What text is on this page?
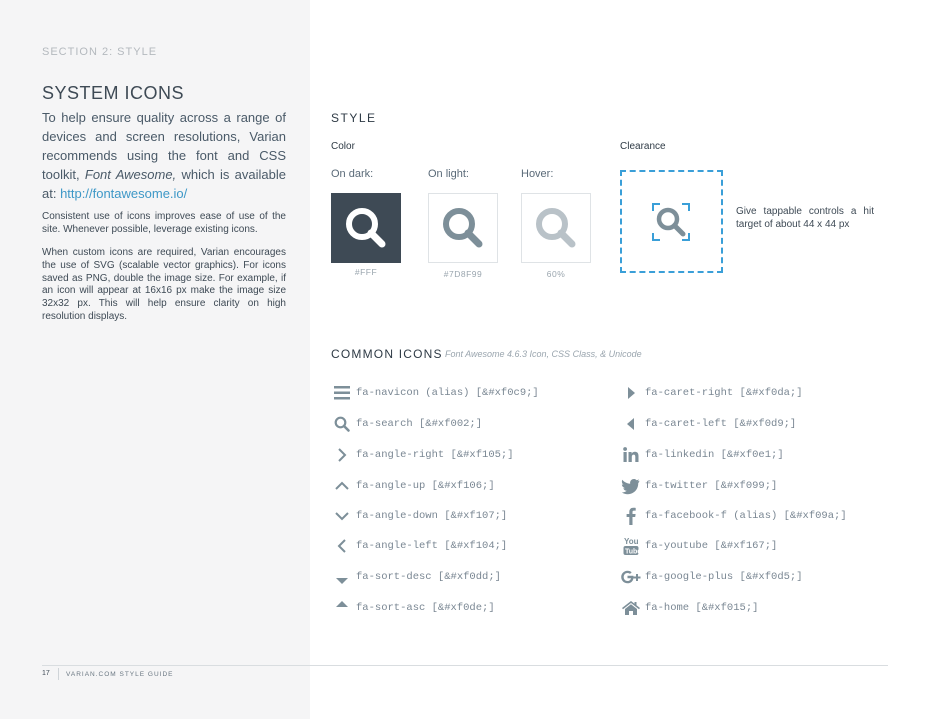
SECTION 2: STYLE
SYSTEM ICONS
To help ensure quality across a range of devices and screen resolutions, Varian recommends using the font and CSS toolkit, Font Awesome, which is available at: http://fontawesome.io/
Consistent use of icons improves ease of use of the site. Whenever possible, leverage existing icons.
When custom icons are required, Varian encourages the use of SVG (scalable vector graphics). For icons saved as PNG, double the image size. For example, if an icon will appear at 16x16 px make the image size 32x32 px. This will help ensure clarity on high resolution displays.
STYLE
Color	Clearance
On dark:	On light:	Hover:
#FFF	#7D8F99	60%
Give tappable controls a hit target of about 44 x 44 px
COMMON ICONS Font Awesome 4.6.3 Icon, CSS Class, & Unicode
fa-navicon (alias) [&#xf0c9;]
fa-search [&#xf002;]
fa-angle-right [&#xf105;]
fa-angle-up [&#xf106;]
fa-angle-down [&#xf107;]
fa-angle-left [&#xf104;]
fa-sort-desc [&#xf0dd;]
fa-sort-asc [&#xf0de;]
fa-caret-right [&#xf0da;]
fa-caret-left [&#xf0d9;]
fa-linkedin [&#xf0e1;]
fa-twitter [&#xf099;]
fa-facebook-f (alias) [&#xf09a;]
You
Tube fa-youtube [&#xf167;]
fa-google-plus [&#xf0d5;]
fa-home [&#xf015;]
17 VARIAN.COM STYLE GUIDE
